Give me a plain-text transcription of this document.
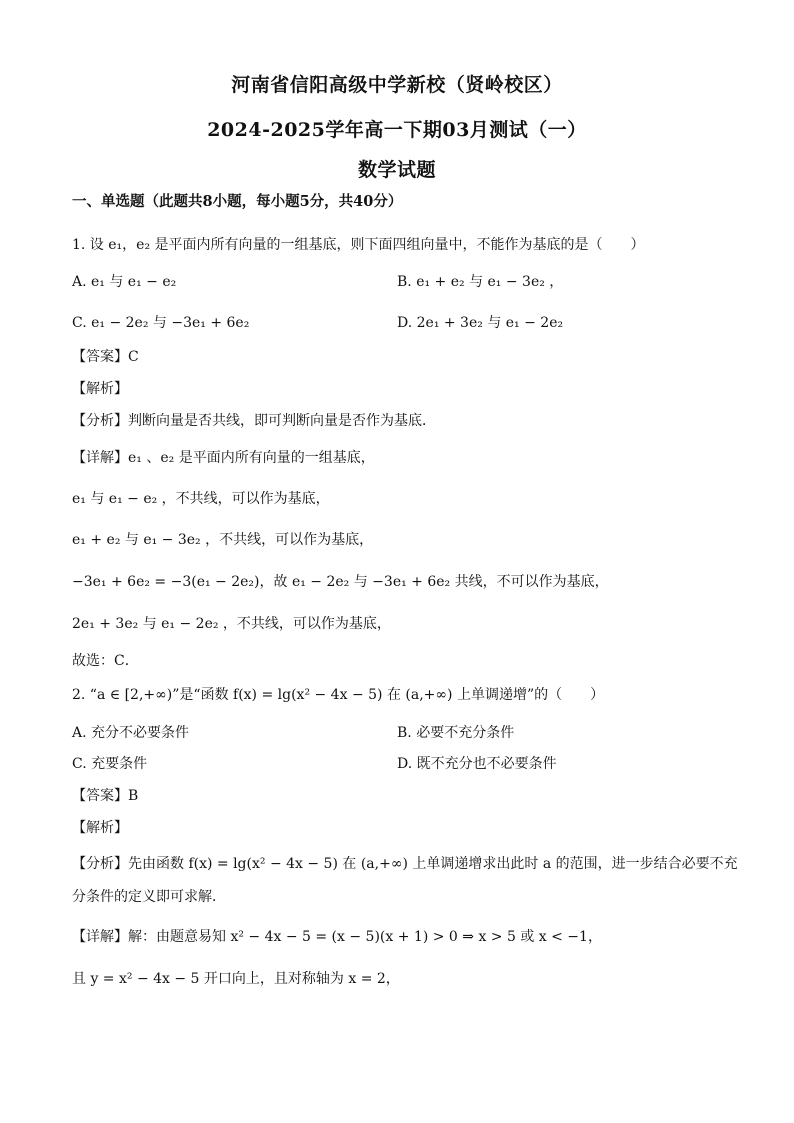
河南省信阳高级中学新校（贤岭校区）
2024-2025学年高一下期03月测试（一）
数学试题
一、单选题（此题共8小题，每小题5分，共40分）
1. 设 e₁，e₂ 是平面内所有向量的一组基底，则下面四组向量中，不能作为基底的是（　　）
A. e₁ 与 e₁ − e₂	B. e₁ + e₂ 与 e₁ − 3e₂ ，
C. e₁ − 2e₂ 与 −3e₁ + 6e₂	D. 2e₁ + 3e₂ 与 e₁ − 2e₂
【答案】C
【解析】
【分析】判断向量是否共线，即可判断向量是否作为基底．
【详解】e₁ 、e₂ 是平面内所有向量的一组基底，
e₁ 与 e₁ − e₂ ，不共线，可以作为基底，
e₁ + e₂ 与 e₁ − 3e₂ ，不共线，可以作为基底，
−3e₁ + 6e₂ = −3(e₁ − 2e₂)，故 e₁ − 2e₂ 与 −3e₁ + 6e₂ 共线，不可以作为基底，
2e₁ + 3e₂ 与 e₁ − 2e₂ ，不共线，可以作为基底，
故选：C．
2. “a ∈ [2,+∞)”是“函数 f(x) = lg(x² − 4x − 5) 在 (a,+∞) 上单调递增”的（　　）
A. 充分不必要条件	B. 必要不充分条件
C. 充要条件	D. 既不充分也不必要条件
【答案】B
【解析】
【分析】先由函数 f(x) = lg(x² − 4x − 5) 在 (a,+∞) 上单调递增求出此时 a 的范围，进一步结合必要不充
分条件的定义即可求解．
【详解】解：由题意易知 x² − 4x − 5 = (x − 5)(x + 1) > 0 ⇒ x > 5 或 x < −1，
且 y = x² − 4x − 5 开口向上，且对称轴为 x = 2，
